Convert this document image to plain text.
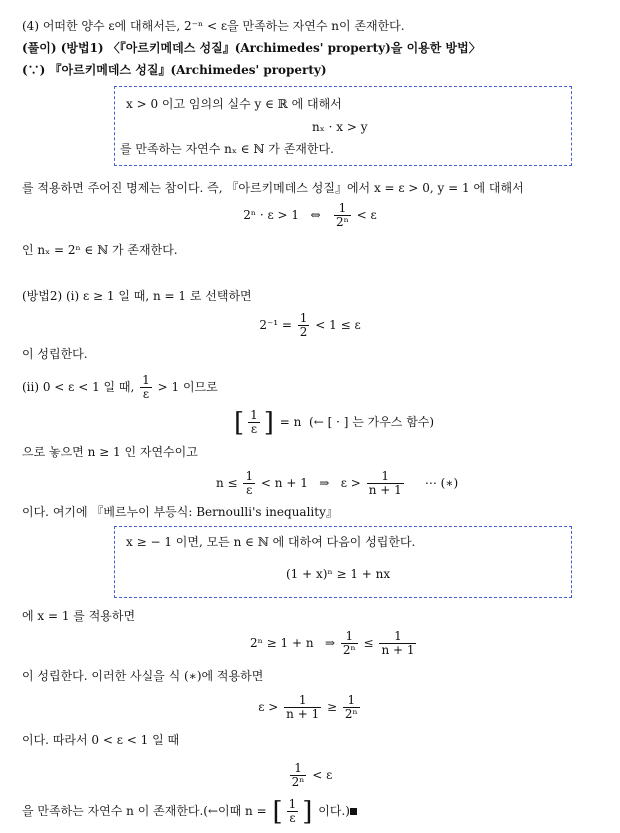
(4) 어떠한 양수 ε에 대해서든, 2⁻ⁿ < ε을 만족하는 자연수 n이 존재한다.
(풀이) (방법1) 〈『아르키메데스 성질』(Archimedes' property)을 이용한 방법〉
(∵) 『아르키메데스 성질』(Archimedes' property)
x > 0 이고 임의의 실수 y ∈ ℝ 에 대해서
nₓ · x > y
를 만족하는 자연수 nₓ ∈ ℕ 가 존재한다.
를 적용하면 주어진 명제는 참이다. 즉, 『아르키메데스 성질』에서 x = ε > 0, y = 1 에 대해서
2ⁿ · ε > 1 ⇔ $\frac{1}{\text{2ⁿ}} < \varepsilon$
인 nₓ = 2ⁿ ∈ ℕ 가 존재한다.
(방법2) (i) ε ≥ 1 일 때, n = 1 로 선택하면
$2^{-1} = \frac{1}{2} < 1 \le \varepsilon$
이 성립한다.
(ii) 0 < ε < 1 일 때, $\frac{1}{\varepsilon} > 1$ 이므로
[ $\frac{1}{\varepsilon}$ ] = n (← [ · ] 는 가우스 함수)
으로 놓으면 n ≥ 1 인 자연수이고
$n \le \frac{1}{\varepsilon} < n + 1$   ⇒   $\varepsilon > \frac{1}{n + 1}$ ⋯ (∗)
이다. 여기에 『베르누이 부등식: Bernoulli's inequality』
x ≥ − 1 이면, 모든 n ∈ ℕ 에 대하여 다음이 성립한다.
(1 + x)ⁿ ≥ 1 + nx
에 x = 1 를 적용하면
2ⁿ ≥ 1 + n   ⇒ $\frac{1}{\text{2ⁿ}} \le \frac{1}{n + 1}$
이 성립한다. 이러한 사실을 식 (∗)에 적용하면
$\varepsilon > \frac{1}{n + 1} \ge \frac{1}{\text{2ⁿ}}$
이다. 따라서 0 < ε < 1 일 때
$\frac{1}{\text{2ⁿ}} < \varepsilon$
을 만족하는 자연수 n 이 존재한다.(←이때 n = [ $\frac{1}{\varepsilon}$ ] 이다.)
